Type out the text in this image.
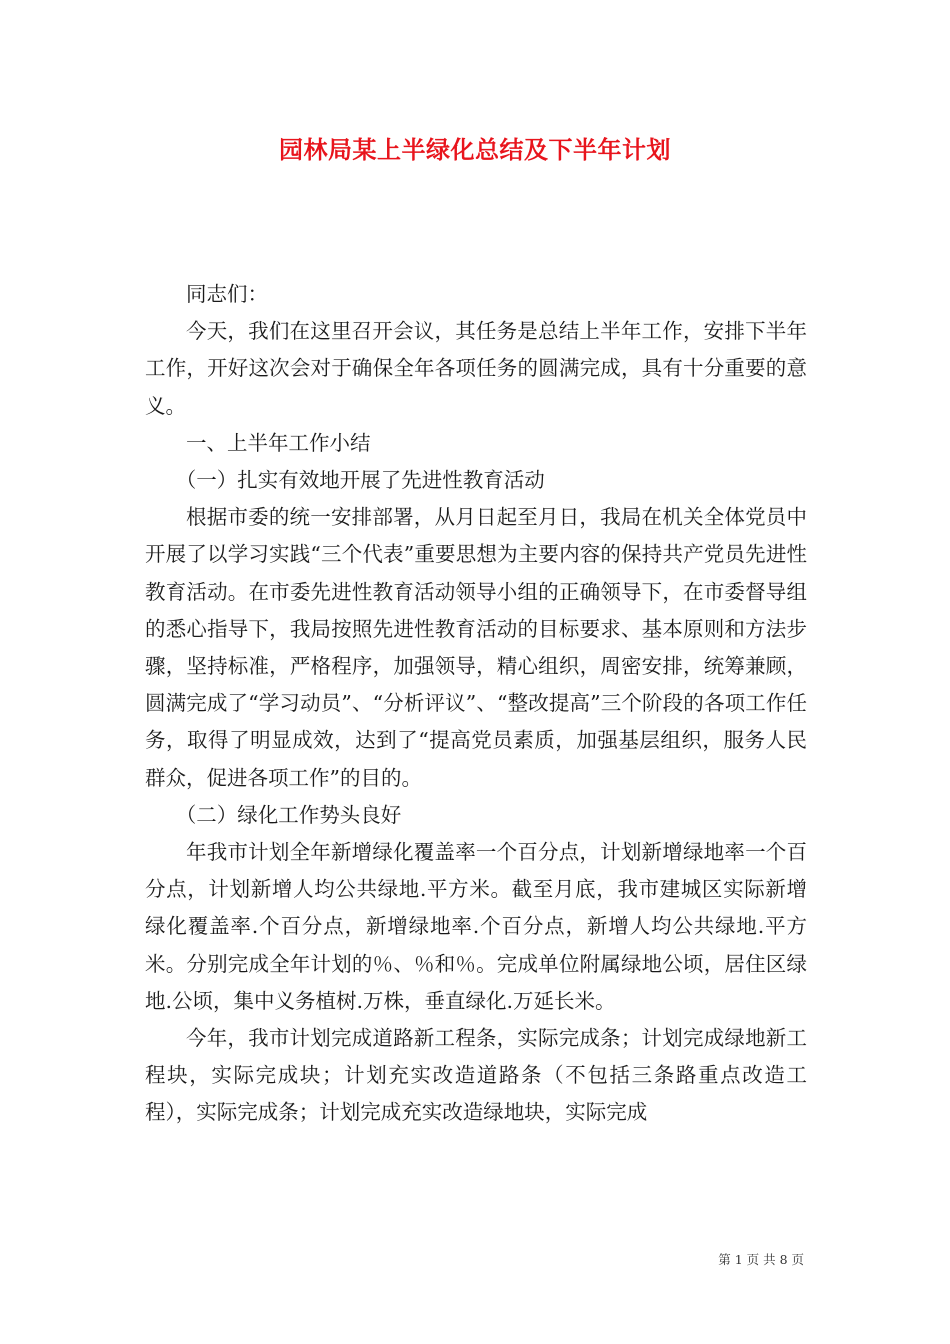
园林局某上半绿化总结及下半年计划

同志们：

今天，我们在这里召开会议，其任务是总结上半年工作，安排下半年工作，开好这次会对于确保全年各项任务的圆满完成，具有十分重要的意义。

一、上半年工作小结

（一）扎实有效地开展了先进性教育活动

根据市委的统一安排部署，从月日起至月日，我局在机关全体党员中开展了以学习实践“三个代表”重要思想为主要内容的保持共产党员先进性教育活动。在市委先进性教育活动领导小组的正确领导下，在市委督导组的悉心指导下，我局按照先进性教育活动的目标要求、基本原则和方法步骤，坚持标准，严格程序，加强领导，精心组织，周密安排，统筹兼顾，圆满完成了“学习动员”、“分析评议”、“整改提高”三个阶段的各项工作任务，取得了明显成效，达到了“提高党员素质，加强基层组织，服务人民群众，促进各项工作”的目的。

（二）绿化工作势头良好

年我市计划全年新增绿化覆盖率一个百分点，计划新增绿地率一个百分点，计划新增人均公共绿地.平方米。截至月底，我市建城区实际新增绿化覆盖率.个百分点，新增绿地率.个百分点，新增人均公共绿地.平方米。分别完成全年计划的％、％和％。完成单位附属绿地公顷，居住区绿地.公顷，集中义务植树.万株，垂直绿化.万延长米。

今年，我市计划完成道路新工程条，实际完成条；计划完成绿地新工程块，实际完成块；计划充实改造道路条（不包括三条路重点改造工程），实际完成条；计划完成充实改造绿地块，实际完成

第 1 页 共 8 页
